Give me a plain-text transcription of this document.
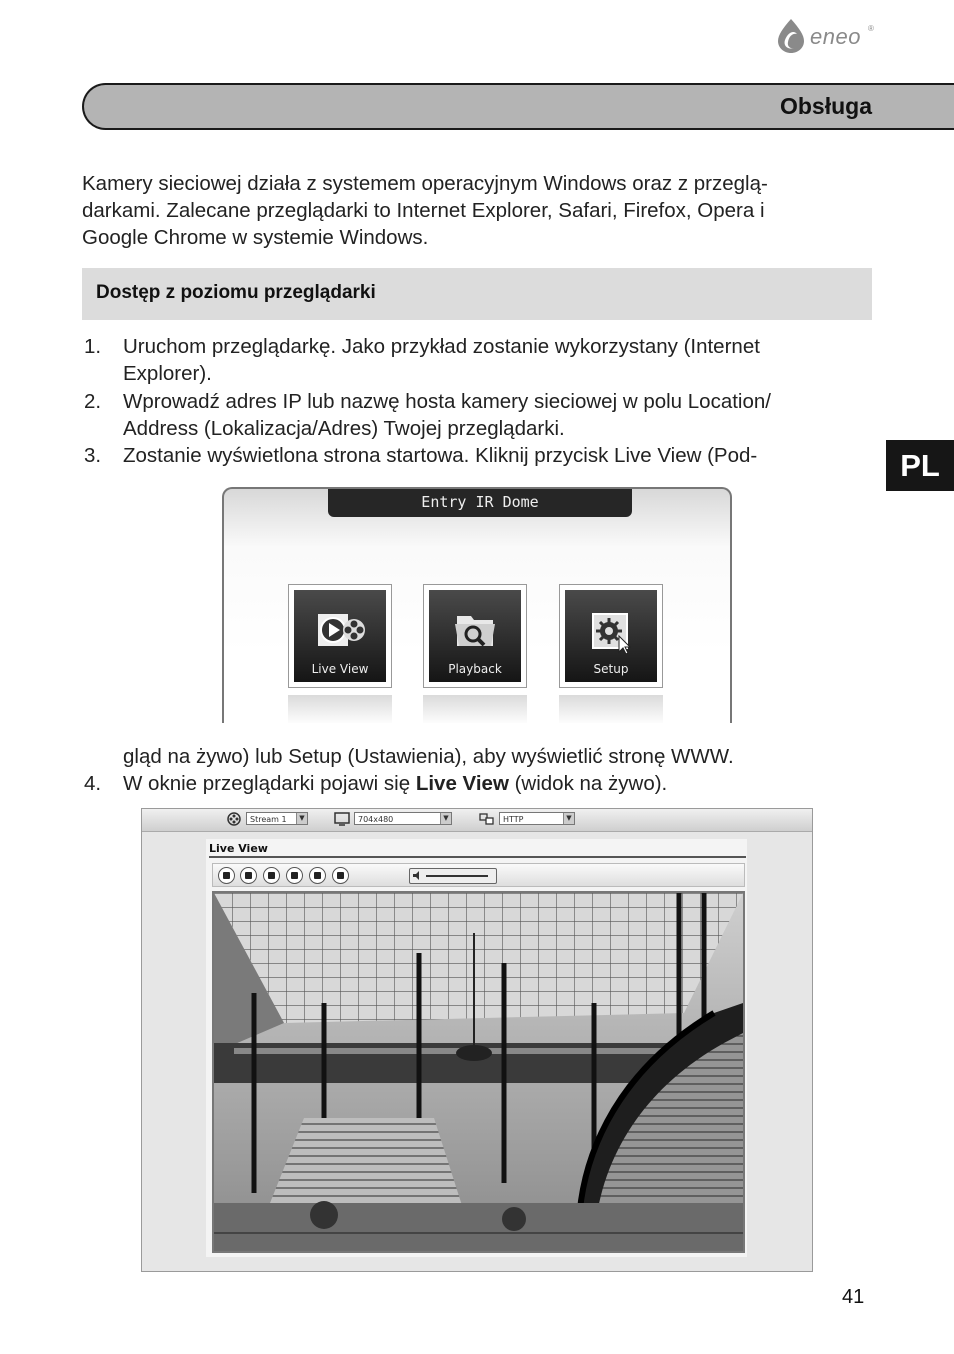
eneo ®
Obsługa
Kamery sieciowej działa z systemem operacyjnym Windows oraz z przeglą-
darkami. Zalecane przeglądarki to Internet Explorer, Safari, Firefox, Opera i
Google Chrome w systemie Windows.
Dostęp z poziomu przeglądarki
1. Uruchom przeglądarkę. Jako przykład zostanie wykorzystany (Internet
Explorer).
2. Wprowadź adres IP lub nazwę hosta kamery sieciowej w polu Location/
Address (Lokalizacja/Adres) Twojej przeglądarki.
3. Zostanie wyświetlona strona startowa. Kliknij przycisk Live View (Pod-	PL
Entry IR Dome
Live View	Playback	Setup
gląd na żywo) lub Setup (Ustawienia), aby wyświetlić stronę WWW.
4. W oknie przeglądarki pojawi się Live View (widok na żywo).
Stream 1	▼	704x480	▼	HTTP	▼
Live View
41
